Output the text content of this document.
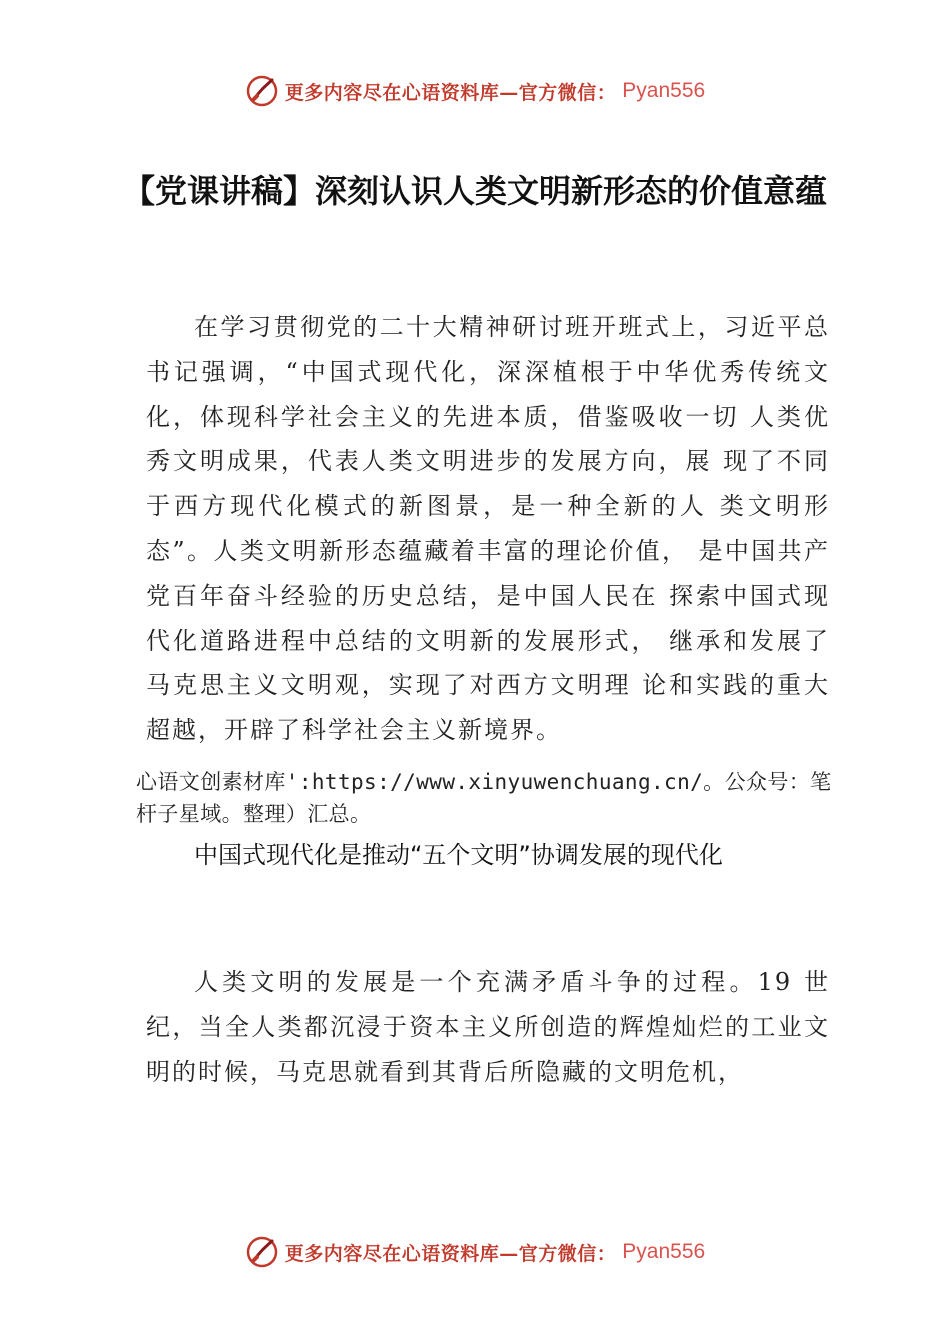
更多内容尽在心语资料库—官方微信： Pyan556
【党课讲稿】深刻认识人类文明新形态的价值意蕴
在学习贯彻党的二十大精神研讨班开班式上，习近平总书记强调，“中国式现代化，深深植根于中华优秀传统文化，体现科学社会主义的先进本质，借鉴吸收一切 人类优秀文明成果，代表人类文明进步的发展方向，展 现了不同于西方现代化模式的新图景，是一种全新的人 类文明形态”。人类文明新形态蕴藏着丰富的理论价值， 是中国共产党百年奋斗经验的历史总结，是中国人民在 探索中国式现代化道路进程中总结的文明新的发展形式， 继承和发展了马克思主义文明观，实现了对西方文明理 论和实践的重大超越，开辟了科学社会主义新境界。
心语文创素材库':https://www.xinyuwenchuang.cn/。公众号：笔杆子星域。整理）汇总。
中国式现代化是推动“五个文明”协调发展的现代化
人类文明的发展是一个充满矛盾斗争的过程。19 世纪，当全人类都沉浸于资本主义所创造的辉煌灿烂的工业文明的时候，马克思就看到其背后所隐藏的文明危机，
更多内容尽在心语资料库—官方微信： Pyan556
